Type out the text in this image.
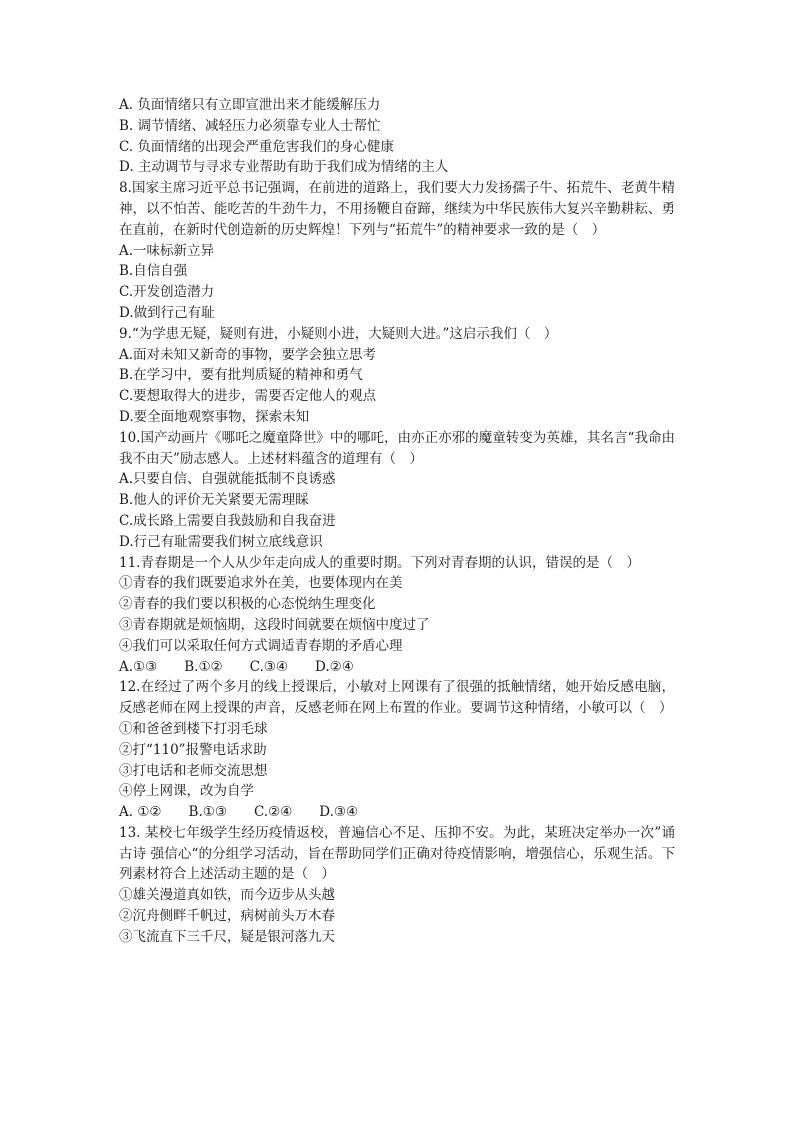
A. 负面情绪只有立即宣泄出来才能缓解压力
B. 调节情绪、减轻压力必须靠专业人士帮忙
C. 负面情绪的出现会严重危害我们的身心健康
D. 主动调节与寻求专业帮助有助于我们成为情绪的主人
8.国家主席习近平总书记强调，在前进的道路上，我们要大力发扬孺子牛、拓荒牛、老黄牛精神，以不怕苦、能吃苦的牛劲牛力，不用扬鞭自奋蹄，继续为中华民族伟大复兴辛勤耕耘、勇在直前，在新时代创造新的历史辉煌！下列与“拓荒牛”的精神要求一致的是（　）
A.一味标新立异
B.自信自强
C.开发创造潜力
D.做到行己有耻
9.“为学患无疑，疑则有进，小疑则小进，大疑则大进。”这启示我们（　）
A.面对未知又新奇的事物，要学会独立思考
B.在学习中，要有批判质疑的精神和勇气
C.要想取得大的进步，需要否定他人的观点
D.要全面地观察事物，探索未知
10.国产动画片《哪吒之魔童降世》中的哪吒，由亦正亦邪的魔童转变为英雄，其名言“我命由我不由天”励志感人。上述材料蕴含的道理有（　）
A.只要自信、自强就能抵制不良诱惑
B.他人的评价无关紧要无需理睬
C.成长路上需要自我鼓励和自我奋进
D.行己有耻需要我们树立底线意识
11.青春期是一个人从少年走向成人的重要时期。下列对青春期的认识，错误的是（　）
①青春的我们既要追求外在美，也要体现内在美
②青春的我们要以积极的心态悦纳生理变化
③青春期就是烦恼期，这段时间就要在烦恼中度过了
④我们可以采取任何方式调适青春期的矛盾心理
A.①③　　B.①②　　C.③④　　D.②④
12.在经过了两个多月的线上授课后，小敏对上网课有了很强的抵触情绪，她开始反感电脑，反感老师在网上授课的声音，反感老师在网上布置的作业。要调节这种情绪，小敏可以（　）
①和爸爸到楼下打羽毛球
②打“110”报警电话求助
③打电话和老师交流思想
④停上网课，改为自学
A. ①②　　B.①③　　C.②④　　D.③④
13. 某校七年级学生经历疫情返校，普遍信心不足、压抑不安。为此，某班决定举办一次”诵古诗 强信心“的分组学习活动，旨在帮助同学们正确对待疫情影响，增强信心，乐观生活。下列素材符合上述活动主题的是（　）
①雄关漫道真如铁，而今迈步从头越
②沉舟侧畔千帆过，病树前头万木春
③飞流直下三千尺，疑是银河落九天
